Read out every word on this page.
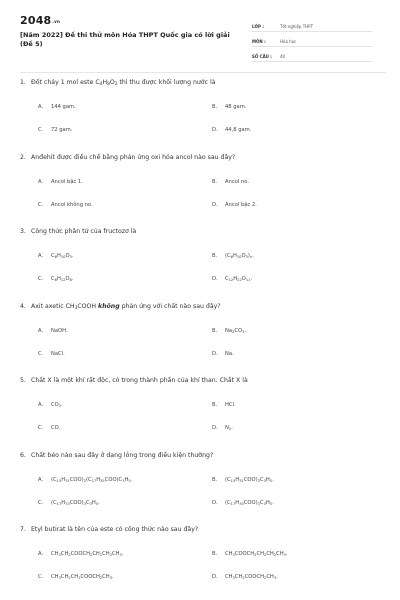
$2048^{.vn}$
[Năm 2022] Đề thi thử môn Hóa THPT Quốc gia có lời giải (Đề 5)
LỚP :	Tốt nghiệp THPT
MÔN :	Hóa học
SỐ CÂU :	40
1. Đốt cháy 1 mol este $C_4H_8O_2$ thì thu được khối lượng nước là
A. 144 gam.	B. 48 gam.
C. 72 gam.	D. 44,8 gam.
2. Anđehit được điều chế bằng phản ứng oxi hóa ancol nào sau đây?
A. Ancol bậc 1.	B. Ancol no.
C. Ancol không no.	D. Ancol bậc 2.
3. Công thức phân tử của fructozơ là
A. $C_6H_{10}O_5$.	B. $(C_6H_{10}O_5)_n$.
C. $C_6H_{12}O_6$.	D. $C_{12}H_{22}O_{11}$.
4. Axit axetic $CH_3COOH$ không phản ứng với chất nào sau đây?
A. NaOH.	B. $Na_2CO_3$.
C. NaCl.	D. Na.
5. Chất X là một khí rất độc, có trong thành phần của khí than. Chất X là
A. $CO_2$.	B. HCl.
C. CO.	D. $N_2$.
6. Chất béo nào sau đây ở dạng lỏng trong điều kiện thường?
A. $(C_{15}H_{31}COO)_2(C_{17}H_{35}COO)C_3H_5$.	B. $(C_{15}H_{31}COO)_3C_3H_5$.
C. $(C_{17}H_{33}COO)_3C_3H_5$.	D. $(C_{17}H_{35}COO)_3C_3H_5$.
7. Etyl butirat là tên của este có công thức nào sau đây?
A. $CH_3CH_2COOCH_2CH_2CH_2CH_3$.	B. $CH_3COOCH_2CH_2CH_2CH_3$.
C. $CH_3CH_2CH_2COOCH_2CH_3$.	D. $CH_3CH_2COOCH_2CH_3$.
